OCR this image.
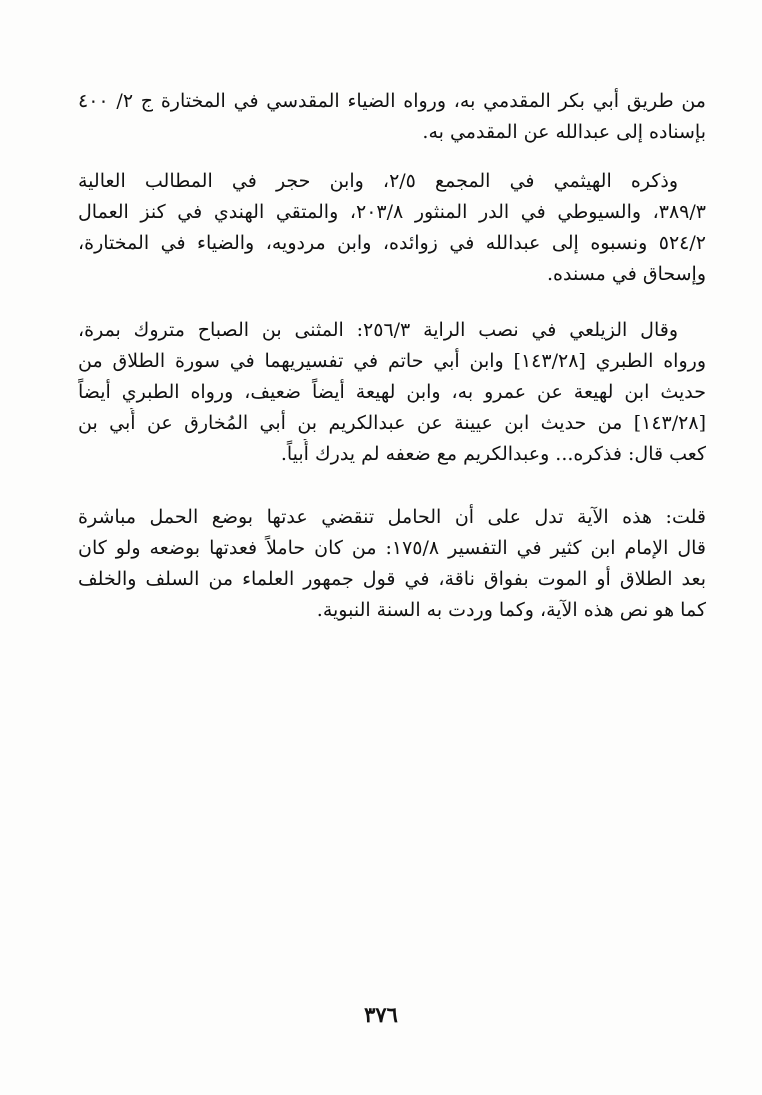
من طريق أبي بكر المقدمي به، ورواه الضياء المقدسي في المختارة ج ٢/ ٤٠٠
بإسناده إلى عبدالله عن المقدمي به.
وذكره الهيثمي في المجمع ٢/٥، وابن حجر في المطالب العالية
٣٨٩/٣، والسيوطي في الدر المنثور ٢٠٣/٨، والمتقي الهندي في كنز العمال
٥٢٤/٢ ونسبوه إلى عبدالله في زوائده، وابن مردويه، والضياء في المختارة،
وإسحاق في مسنده.
وقال الزيلعي في نصب الراية ٢٥٦/٣: المثنى بن الصباح متروك بمرة،
ورواه الطبري [١٤٣/٢٨] وابن أبي حاتم في تفسيريهما في سورة الطلاق من
حديث ابن لهيعة عن عمرو به، وابن لهيعة أيضاً ضعيف، ورواه الطبري أيضاً
[١٤٣/٢٨] من حديث ابن عيينة عن عبدالكريم بن أبي المُخارق عن أُبي بن
كعب قال: فذكره... وعبدالكريم مع ضعفه لم يدرك أُبياً.
قلت: هذه الآية تدل على أن الحامل تنقضي عدتها بوضع الحمل مباشرة
قال الإمام ابن كثير في التفسير ١٧٥/٨: من كان حاملاً فعدتها بوضعه ولو كان
بعد الطلاق أو الموت بفواق ناقة، في قول جمهور العلماء من السلف والخلف
كما هو نص هذه الآية، وكما وردت به السنة النبوية.
٣٧٦
